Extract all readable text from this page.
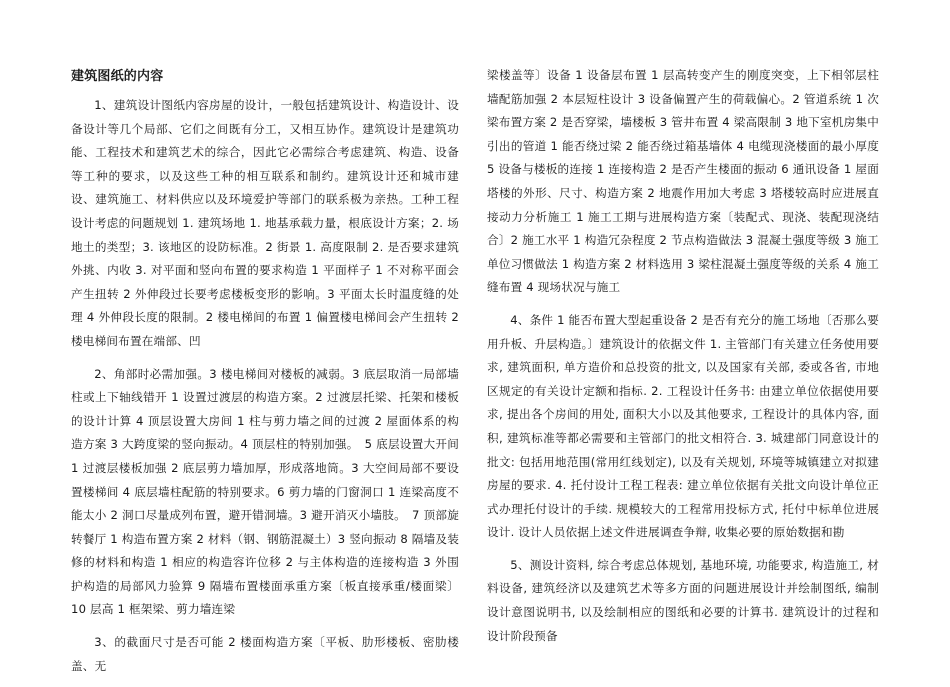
建筑图纸的内容

1、建筑设计图纸内容房屋的设计，一般包括建筑设计、构造设计、设备设计等几个局部、它们之间既有分工，又相互协作。建筑设计是建筑功能、工程技术和建筑艺术的综合，因此它必需综合考虑建筑、构造、设备等工种的要求，以及这些工种的相互联系和制约。建筑设计还和城市建设、建筑施工、材料供应以及环境爱护等部门的联系极为亲热。工种工程设计考虑的问题规划 1. 建筑场地 1. 地基承载力量，根底设计方案；2. 场地土的类型；3. 该地区的设防标准。2 街景 1. 高度限制 2. 是否要求建筑外挑、内收 3. 对平面和竖向布置的要求构造 1 平面样子 1 不对称平面会产生扭转 2 外伸段过长要考虑楼板变形的影响。3 平面太长时温度缝的处理 4 外伸段长度的限制。2 楼电梯间的布置 1 偏置楼电梯间会产生扭转 2 楼电梯间布置在端部、凹

2、角部时必需加强。3 楼电梯间对楼板的减弱。3 底层取消一局部墙柱或上下轴线错开 1 设置过渡层的构造方案。2 过渡层托梁、托架和楼板的设计计算 4 顶层设置大房间 1 柱与剪力墙之间的过渡 2 屋面体系的构造方案 3 大跨度梁的竖向振动。4 顶层柱的特别加强。　5 底层设置大开间 1 过渡层楼板加强 2 底层剪力墙加厚，形成落地筒。3 大空间局部不要设置楼梯间 4 底层墙柱配筋的特别要求。6 剪力墙的门窗洞口 1 连梁高度不能太小 2 洞口尽量成列布置，避开错洞墙。3 避开消灭小墙肢。　7 顶部旋转餐厅 1 构造布置方案 2 材料（钢、钢筋混凝土）3 竖向振动 8 隔墙及装修的材料和构造 1 相应的构造容许位移 2 与主体构造的连接构造 3 外围护构造的局部风力验算 9 隔墙布置楼面承重方案〔板直接承重/楼面梁〕10 层高 1 框架梁、剪力墙连梁

3、的截面尺寸是否可能 2 楼面构造方案〔平板、肋形楼板、密肋楼盖、无

梁楼盖等〕设备 1 设备层布置 1 层高转变产生的刚度突变，上下相邻层柱墙配筋加强 2 本层短柱设计 3 设备偏置产生的荷载偏心。2 管道系统 1 次梁布置方案 2 是否穿梁，墙楼板 3 管井布置 4 梁高限制 3 地下室机房集中引出的管道 1 能否绕过梁 2 能否绕过箱基墙体 4 电缆现浇楼面的最小厚度 5 设备与楼板的连接 1 连接构造 2 是否产生楼面的振动 6 通讯设备 1 屋面塔楼的外形、尺寸、构造方案 2 地震作用加大考虑 3 塔楼较高时应进展直接动力分析施工 1 施工工期与进展构造方案〔装配式、现浇、装配现浇结合〕2 施工水平 1 构造冗杂程度 2 节点构造做法 3 混凝土强度等级 3 施工单位习惯做法 1 构造方案 2 材料选用 3 梁柱混凝土强度等级的关系 4 施工缝布置 4 现场状况与施工

4、条件 1 能否布置大型起重设备 2 是否有充分的施工场地〔否那么要用升板、升层构造。〕建筑设计的依据文件 1. 主管部门有关建立任务使用要求, 建筑面积, 单方造价和总投资的批文, 以及国家有关部, 委或各省, 市地区规定的有关设计定额和指标. 2. 工程设计任务书: 由建立单位依据使用要求, 提出各个房间的用处, 面积大小以及其他要求, 工程设计的具体内容, 面积, 建筑标准等都必需要和主管部门的批文相符合. 3. 城建部门同意设计的批文: 包括用地范围(常用红线划定), 以及有关规划, 环境等城镇建立对拟建房屋的要求. 4. 托付设计工程工程表: 建立单位依据有关批文向设计单位正式办理托付设计的手续. 规模较大的工程常用投标方式, 托付中标单位进展设计. 设计人员依据上述文件进展调查争辩, 收集必要的原始数据和勘

5、测设计资料, 综合考虑总体规划, 基地环境, 功能要求, 构造施工, 材料设备, 建筑经济以及建筑艺术等多方面的问题进展设计并绘制图纸, 编制设计意图说明书, 以及绘制相应的图纸和必要的计算书. 建筑设计的过程和设计阶段预备
